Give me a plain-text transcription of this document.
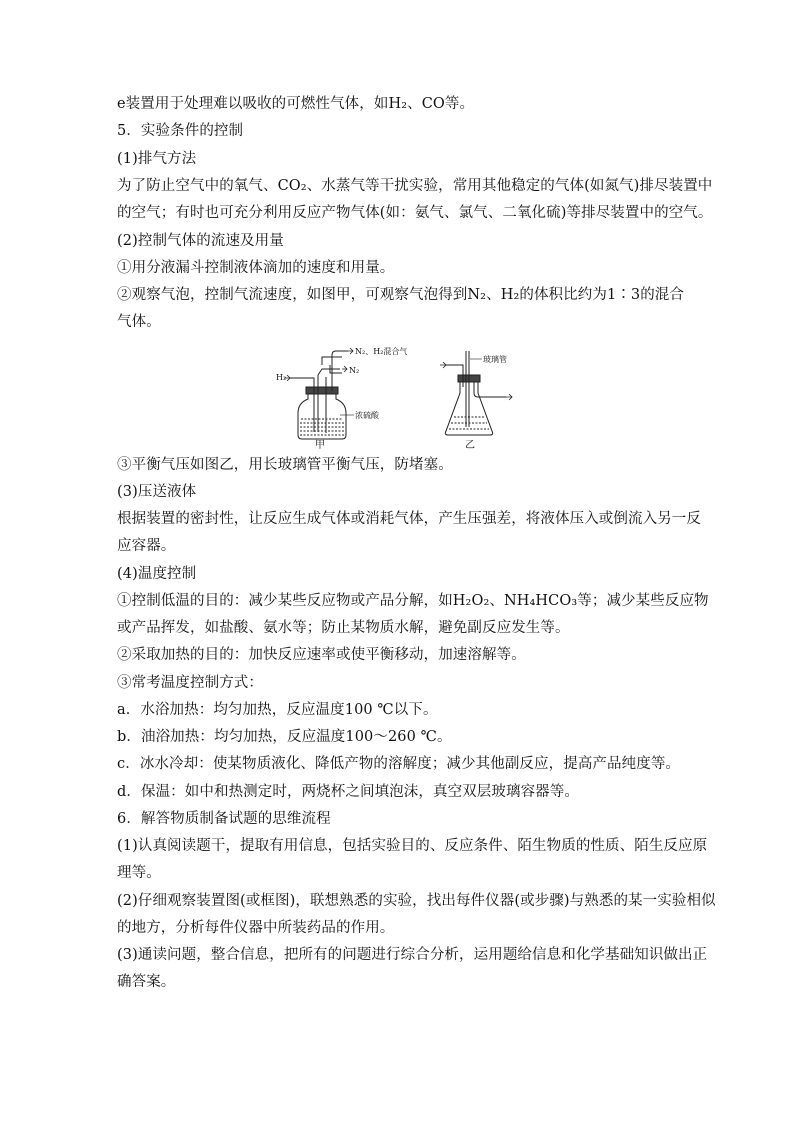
e装置用于处理难以吸收的可燃性气体，如H₂、CO等。
5．实验条件的控制
(1)排气方法
为了防止空气中的氧气、CO₂、水蒸气等干扰实验，常用其他稳定的气体(如氮气)排尽装置中
的空气；有时也可充分利用反应产物气体(如：氨气、氯气、二氧化硫)等排尽装置中的空气。
(2)控制气体的流速及用量
①用分液漏斗控制液体滴加的速度和用量。
②观察气泡，控制气流速度，如图甲，可观察气泡得到N₂、H₂的体积比约为1∶3的混合
气体。
H₂
N₂
N₂、H₂混合气
浓硫酸
甲
玻璃管
乙
③平衡气压如图乙，用长玻璃管平衡气压，防堵塞。
(3)压送液体
根据装置的密封性，让反应生成气体或消耗气体，产生压强差，将液体压入或倒流入另一反
应容器。
(4)温度控制
①控制低温的目的：减少某些反应物或产品分解，如H₂O₂、NH₄HCO₃等；减少某些反应物
或产品挥发，如盐酸、氨水等；防止某物质水解，避免副反应发生等。
②采取加热的目的：加快反应速率或使平衡移动，加速溶解等。
③常考温度控制方式：
a．水浴加热：均匀加热，反应温度100 ℃以下。
b．油浴加热：均匀加热，反应温度100～260 ℃。
c．冰水冷却：使某物质液化、降低产物的溶解度；减少其他副反应，提高产品纯度等。
d．保温：如中和热测定时，两烧杯之间填泡沫，真空双层玻璃容器等。
6．解答物质制备试题的思维流程
(1)认真阅读题干，提取有用信息，包括实验目的、反应条件、陌生物质的性质、陌生反应原
理等。
(2)仔细观察装置图(或框图)，联想熟悉的实验，找出每件仪器(或步骤)与熟悉的某一实验相似
的地方，分析每件仪器中所装药品的作用。
(3)通读问题，整合信息，把所有的问题进行综合分析，运用题给信息和化学基础知识做出正
确答案。
